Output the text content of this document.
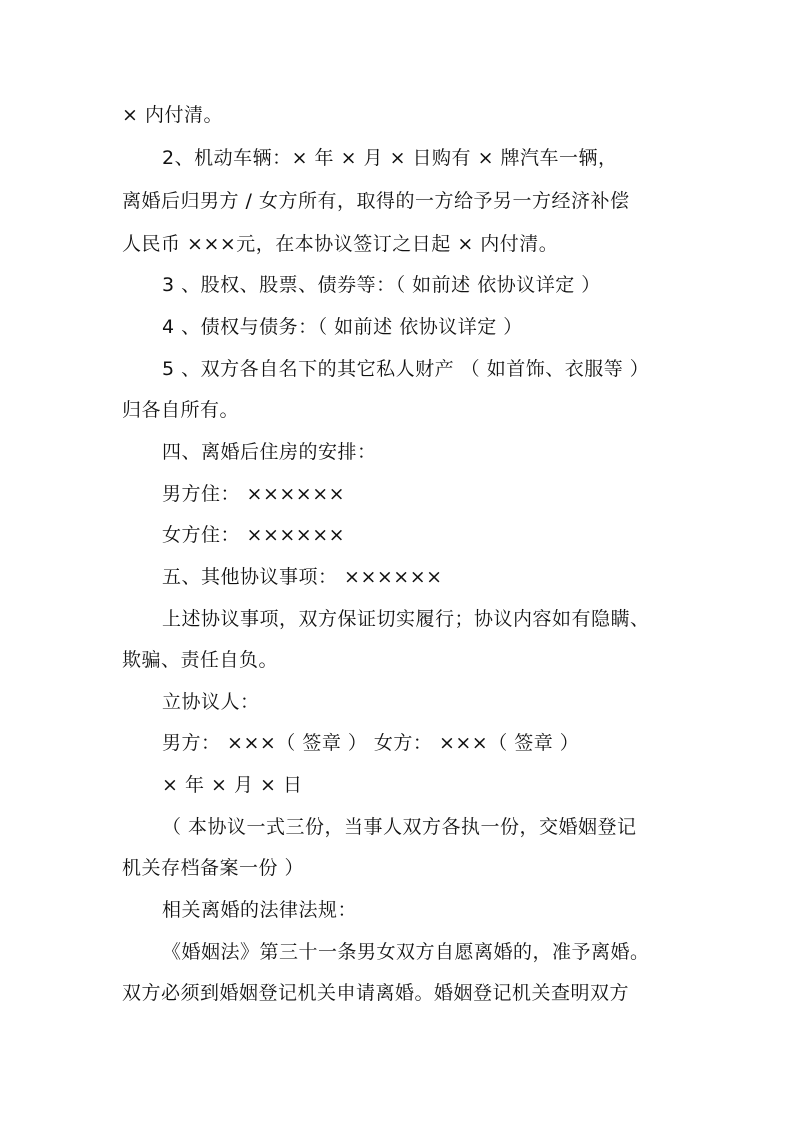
× 内付清。
2、机动车辆：× 年 × 月 × 日购有 × 牌汽车一辆，
离婚后归男方 / 女方所有，取得的一方给予另一方经济补偿
人民币 ×××元，在本协议签订之日起 × 内付清。
3 、股权、股票、债券等：（ 如前述 依协议详定 ）
4 、债权与债务：（ 如前述 依协议详定 ）
5 、双方各自名下的其它私人财产 （ 如首饰、衣服等 ）
归各自所有。
四、离婚后住房的安排：
男方住： ××××××
女方住： ××××××
五、其他协议事项： ××××××
上述协议事项，双方保证切实履行；协议内容如有隐瞒、
欺骗、责任自负。
立协议人：
男方： ×××（ 签章 ） 女方： ×××（ 签章 ）
× 年 × 月 × 日
（ 本协议一式三份，当事人双方各执一份，交婚姻登记
机关存档备案一份 ）
相关离婚的法律法规：
《婚姻法》第三十一条男女双方自愿离婚的，准予离婚。
双方必须到婚姻登记机关申请离婚。婚姻登记机关查明双方
